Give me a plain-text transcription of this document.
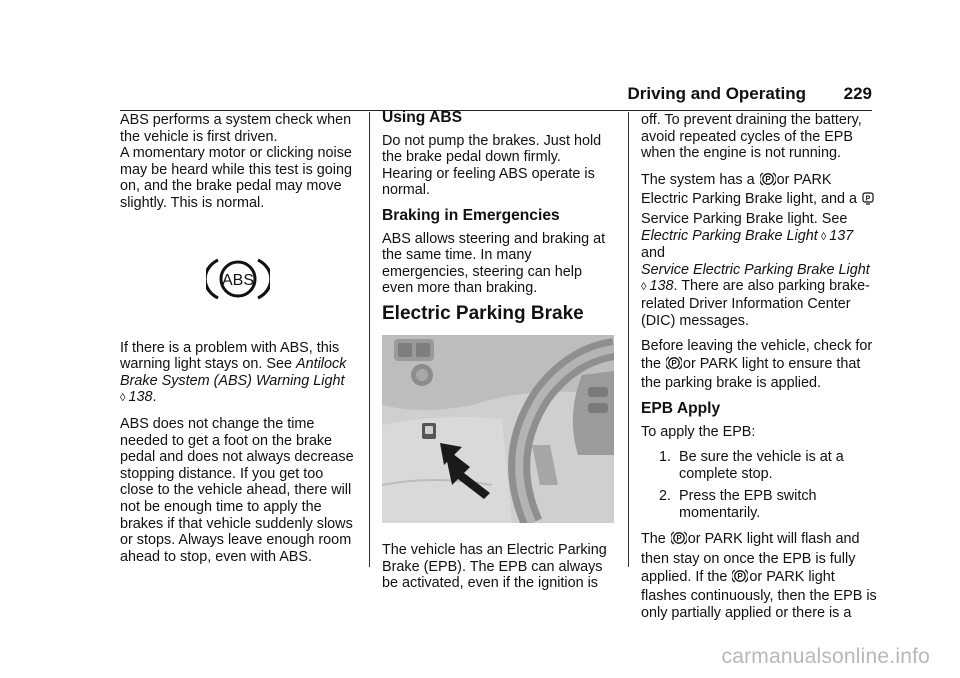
Driving and Operating 229

ABS performs a system check when the vehicle is first driven.

A momentary motor or clicking noise may be heard while this test is going on, and the brake pedal may move slightly. This is normal.

ABS

If there is a problem with ABS, this warning light stays on. See Antilock Brake System (ABS) Warning Light
◊ 138.

ABS does not change the time needed to get a foot on the brake pedal and does not always decrease stopping distance. If you get too close to the vehicle ahead, there will not be enough time to apply the brakes if that vehicle suddenly slows or stops. Always leave enough room ahead to stop, even with ABS.

Using ABS

Do not pump the brakes. Just hold the brake pedal down firmly. Hearing or feeling ABS operate is normal.

Braking in Emergencies

ABS allows steering and braking at the same time. In many emergencies, steering can help even more than braking.

Electric Parking Brake

The vehicle has an Electric Parking Brake (EPB). The EPB can always be activated, even if the ignition is

off. To prevent draining the battery, avoid repeated cycles of the EPB when the engine is not running.

The system has a P or PARK Electric Parking Brake light, and a P

Service Parking Brake light. See
Electric Parking Brake Light ◊ 137
and
Service Electric Parking Brake Light
◊ 138. There are also parking brake-related Driver Information Center (DIC) messages.

Before leaving the vehicle, check for the P or PARK light to ensure that the parking brake is applied.

EPB Apply

To apply the EPB:

1. Be sure the vehicle is at a complete stop.
2. Press the EPB switch momentarily.

The P or PARK light will flash and then stay on once the EPB is fully applied. If the P or PARK light flashes continuously, then the EPB is only partially applied or there is a

carmanualsonline.info
